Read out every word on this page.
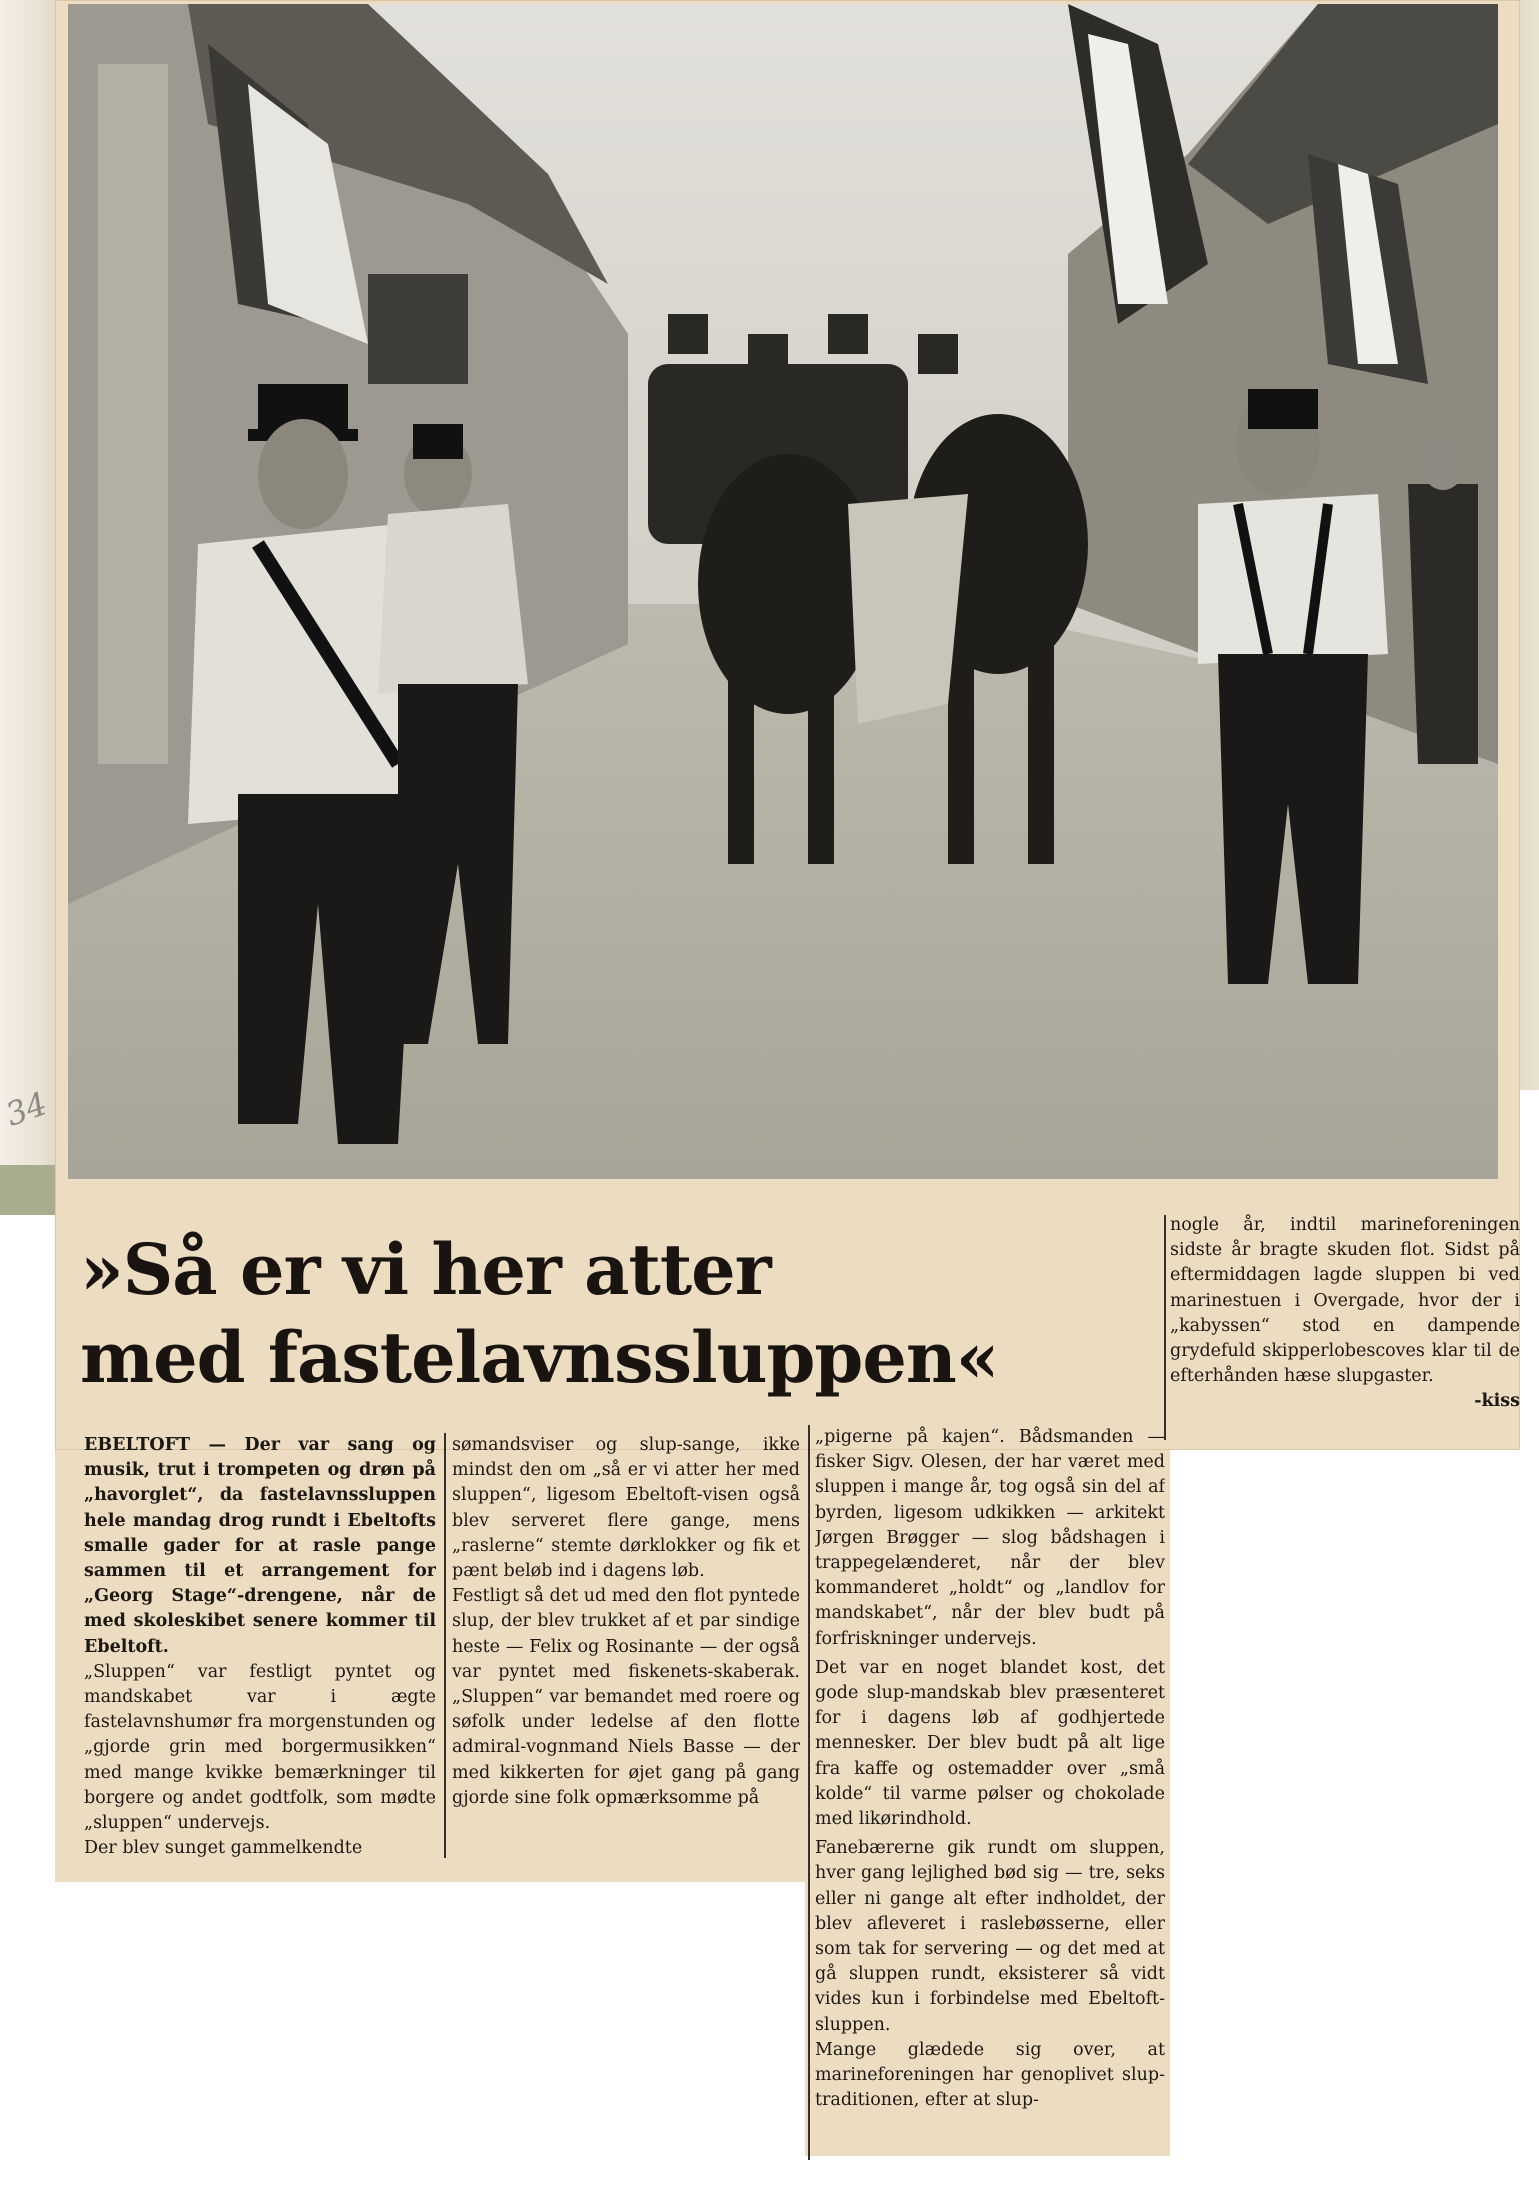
34
»Så er vi her atter
med fastelavnssluppen«

EBELTOFT — Der var sang og musik, trut i trompeten og drøn på „havorglet“, da fastelavnssluppen hele mandag drog rundt i Ebeltofts smalle gader for at rasle pange sammen til et arrangement for „Georg Stage“-drengene, når de med skoleskibet senere kommer til Ebeltoft.

„Sluppen“ var festligt pyntet og mandskabet var i ægte fastelavnshumør fra morgenstunden og „gjorde grin med borgermusikken“ med mange kvikke bemærkninger til borgere og andet godtfolk, som mødte „sluppen“ undervejs.

Der blev sunget gammelkendte

sømandsviser og slup-sange, ikke mindst den om „så er vi atter her med sluppen“, ligesom Ebeltoft-visen også blev serveret flere gange, mens „raslerne“ stemte dørklokker og fik et pænt beløb ind i dagens løb.

Festligt så det ud med den flot pyntede slup, der blev trukket af et par sindige heste — Felix og Rosinante — der også var pyntet med fiskenets-skaberak. „Sluppen“ var bemandet med roere og søfolk under ledelse af den flotte admiral-vognmand Niels Basse — der med kikkerten for øjet gang på gang gjorde sine folk opmærksomme på

„pigerne på kajen“. Bådsmanden — fisker Sigv. Olesen, der har været med sluppen i mange år, tog også sin del af byrden, ligesom udkikken — arkitekt Jørgen Brøgger — slog bådshagen i trappegelænderet, når der blev kommanderet „holdt“ og „landlov for mandskabet“, når der blev budt på forfriskninger undervejs.

Det var en noget blandet kost, det gode slup-mandskab blev præsenteret for i dagens løb af godhjertede mennesker. Der blev budt på alt lige fra kaffe og ostemadder over „små kolde“ til varme pølser og chokolade med likørindhold.

Fanebærerne gik rundt om sluppen, hver gang lejlighed bød sig — tre, seks eller ni gange alt efter indholdet, der blev afleveret i raslebøsserne, eller som tak for servering — og det med at gå sluppen rundt, eksisterer så vidt vides kun i forbindelse med Ebeltoft-sluppen.

Mange glædede sig over, at marineforeningen har genoplivet slup-traditionen, efter at slup-

nogle år, indtil marineforeningen sidste år bragte skuden flot. Sidst på eftermiddagen lagde sluppen bi ved marinestuen i Overgade, hvor der i „kabyssen“ stod en dampende grydefuld skipperlobescoves klar til de efterhånden hæse slupgaster.

-kiss
